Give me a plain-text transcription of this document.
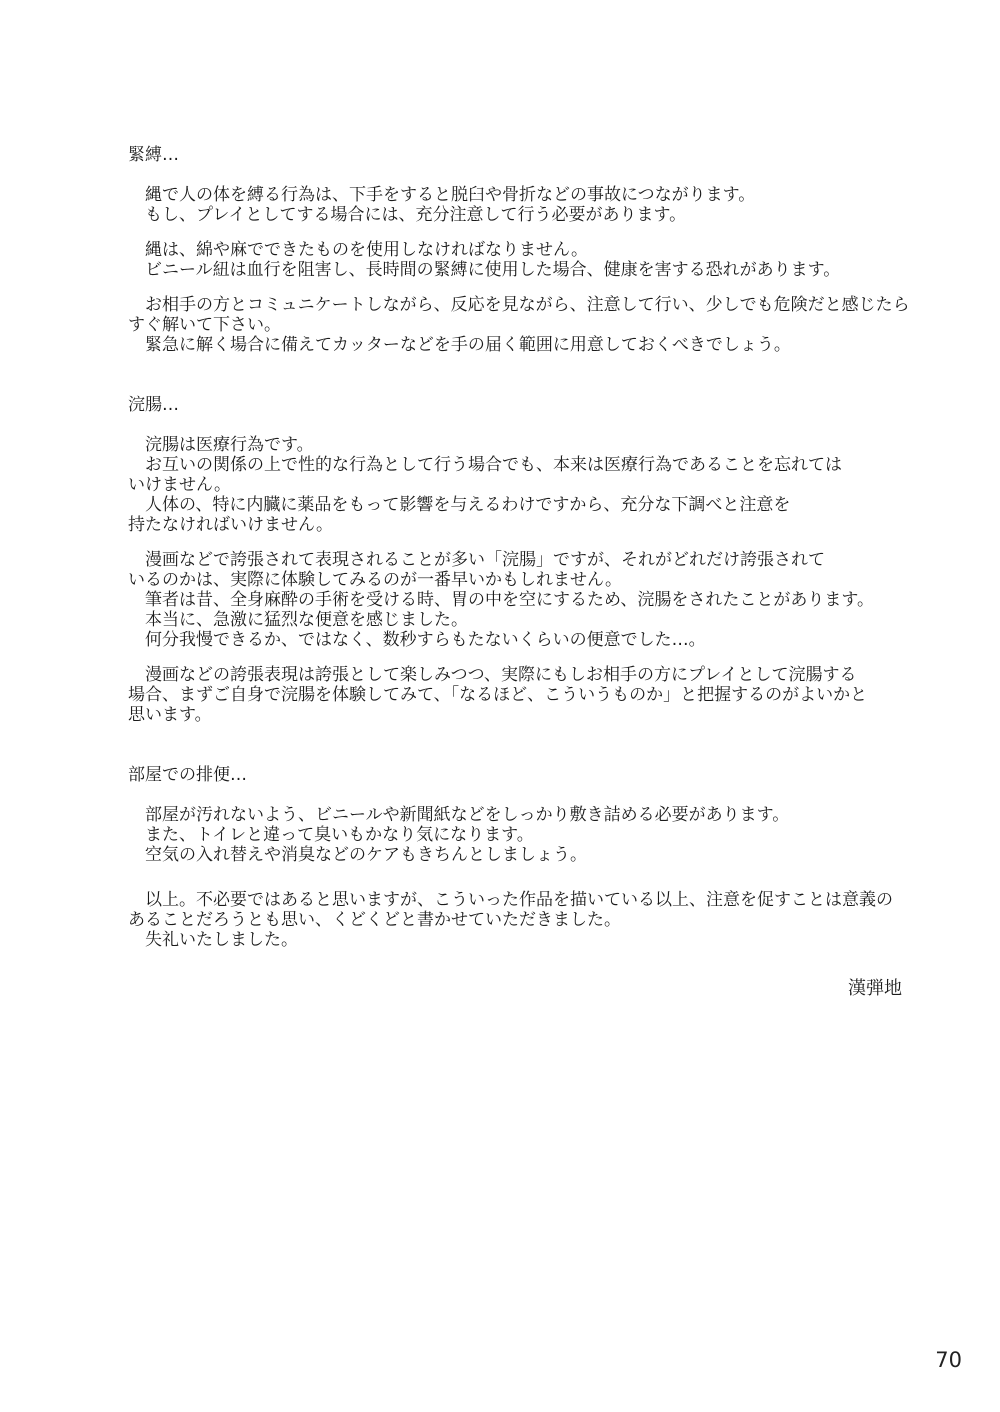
緊縛…
　縄で人の体を縛る行為は、下手をすると脱臼や骨折などの事故につながります。
　もし、プレイとしてする場合には、充分注意して行う必要があります。
　縄は、綿や麻でできたものを使用しなければなりません。
　ビニール紐は血行を阻害し、長時間の緊縛に使用した場合、健康を害する恐れがあります。
　お相手の方とコミュニケートしながら、反応を見ながら、注意して行い、少しでも危険だと感じたら
すぐ解いて下さい。
　緊急に解く場合に備えてカッターなどを手の届く範囲に用意しておくべきでしょう。
浣腸…
　浣腸は医療行為です。
　お互いの関係の上で性的な行為として行う場合でも、本来は医療行為であることを忘れては
いけません。
　人体の、特に内臓に薬品をもって影響を与えるわけですから、充分な下調べと注意を
持たなければいけません。
　漫画などで誇張されて表現されることが多い「浣腸」ですが、それがどれだけ誇張されて
いるのかは、実際に体験してみるのが一番早いかもしれません。
　筆者は昔、全身麻酔の手術を受ける時、胃の中を空にするため、浣腸をされたことがあります。
　本当に、急激に猛烈な便意を感じました。
　何分我慢できるか、ではなく、数秒すらもたないくらいの便意でした…。
　漫画などの誇張表現は誇張として楽しみつつ、実際にもしお相手の方にプレイとして浣腸する
場合、まずご自身で浣腸を体験してみて、「なるほど、こういうものか」と把握するのがよいかと
思います。
部屋での排便…
　部屋が汚れないよう、ビニールや新聞紙などをしっかり敷き詰める必要があります。
　また、トイレと違って臭いもかなり気になります。
　空気の入れ替えや消臭などのケアもきちんとしましょう。
　以上。不必要ではあると思いますが、こういった作品を描いている以上、注意を促すことは意義の
あることだろうとも思い、くどくどと書かせていただきました。
　失礼いたしました。
漢弾地
70
